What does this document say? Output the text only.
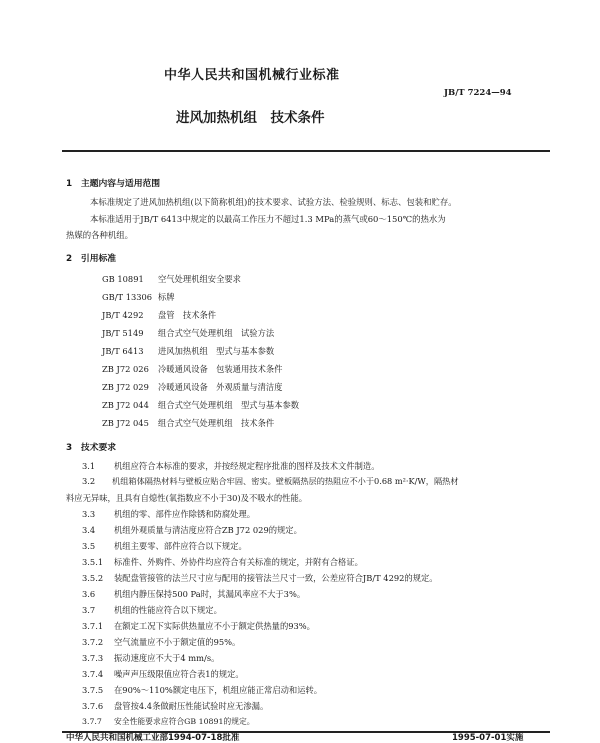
中华人民共和国机械行业标准
JB/T 7224—94
进风加热机组　技术条件
1　主题内容与适用范围
本标准规定了进风加热机组(以下简称机组)的技术要求、试验方法、检验规则、标志、包装和贮存。
本标准适用于JB/T 6413中规定的以最高工作压力不超过1.3 MPa的蒸气或60～150℃的热水为
热媒的各种机组。
2　引用标准
GB 10891 空气处理机组安全要求
GB/T 13306 标牌
JB/T 4292 盘管　技术条件
JB/T 5149 组合式空气处理机组　试验方法
JB/T 6413 进风加热机组　型式与基本参数
ZB J72 026 冷暖通风设备　包装通用技术条件
ZB J72 029 冷暖通风设备　外观质量与清洁度
ZB J72 044 组合式空气处理机组　型式与基本参数
ZB J72 045 组合式空气处理机组　技术条件
3　技术要求
3.1 机组应符合本标准的要求，并按经规定程序批准的图样及技术文件制造。
3.2 机组箱体隔热材料与壁板应贴合牢固、密实。壁板隔热层的热阻应不小于0.68 m²·K/W，隔热材
料应无异味，且具有自熄性(氧指数应不小于30)及不吸水的性能。
3.3 机组的零、部件应作除锈和防腐处理。
3.4 机组外观质量与清洁度应符合ZB J72 029的规定。
3.5 机组主要零、部件应符合以下规定。
3.5.1 标准件、外购件、外协件均应符合有关标准的规定，并附有合格证。
3.5.2 装配盘管接管的法兰尺寸应与配用的接管法兰尺寸一致，公差应符合JB/T 4292的规定。
3.6 机组内静压保持500 Pa时，其漏风率应不大于3%。
3.7 机组的性能应符合以下规定。
3.7.1 在额定工况下实际供热量应不小于额定供热量的93%。
3.7.2 空气流量应不小于额定值的95%。
3.7.3 振动速度应不大于4 mm/s。
3.7.4 噪声声压级限值应符合表1的规定。
3.7.5 在90%～110%额定电压下，机组应能正常启动和运转。
3.7.6 盘管按4.4条做耐压性能试验时应无渗漏。
3.7.7 安全性能要求应符合GB 10891的规定。
中华人民共和国机械工业部1994-07-18批准	1995-07-01实施
